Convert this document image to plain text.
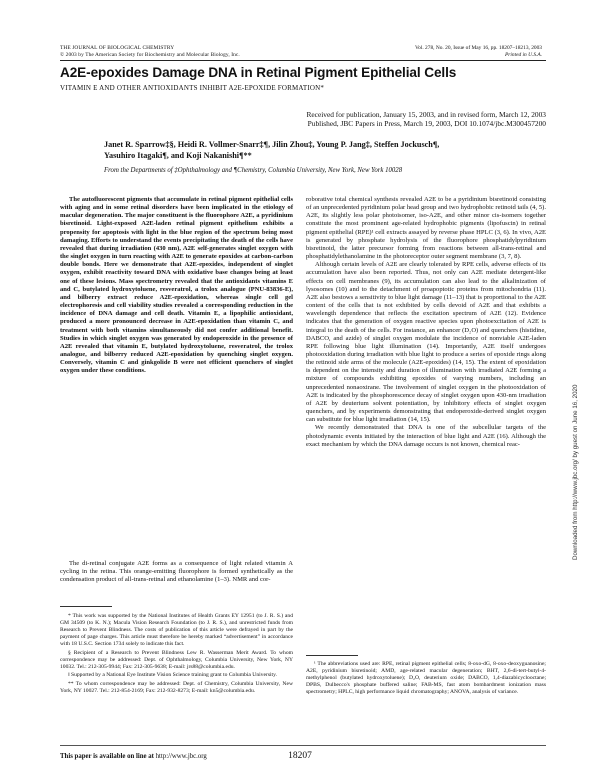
THE JOURNAL OF BIOLOGICAL CHEMISTRY
© 2003 by The American Society for Biochemistry and Molecular Biology, Inc.
Vol. 278, No. 20, Issue of May 16, pp. 18207–18213, 2003
Printed in U.S.A.
A2E-epoxides Damage DNA in Retinal Pigment Epithelial Cells
VITAMIN E AND OTHER ANTIOXIDANTS INHIBIT A2E-EPOXIDE FORMATION*
Received for publication, January 15, 2003, and in revised form, March 12, 2003
Published, JBC Papers in Press, March 19, 2003, DOI 10.1074/jbc.M300457200
Janet R. Sparrow‡§, Heidi R. Vollmer-Snarr‡¶, Jilin Zhou‡, Young P. Jang‡, Steffen Jockusch¶,
Yasuhiro Itagaki¶, and Koji Nakanishi¶**
From the Departments of ‡Ophthalmology and ¶Chemistry, Columbia University, New York, New York 10028

The autofluorescent pigments that accumulate in retinal pigment epithelial cells with aging and in some retinal disorders have been implicated in the etiology of macular degeneration. The major constituent is the fluorophore A2E, a pyridinium bisretinoid. Light-exposed A2E-laden retinal pigment epithelium exhibits a propensity for apoptosis with light in the blue region of the spectrum being most damaging. Efforts to understand the events precipitating the death of the cells have revealed that during irradiation (430 nm), A2E self-generates singlet oxygen with the singlet oxygen in turn reacting with A2E to generate epoxides at carbon-carbon double bonds. Here we demonstrate that A2E-epoxides, independent of singlet oxygen, exhibit reactivity toward DNA with oxidative base changes being at least one of these lesions. Mass spectrometry revealed that the antioxidants vitamins E and C, butylated hydroxytoluene, resveratrol, a trolox analogue (PNU-83836-E), and bilberry extract reduce A2E-epoxidation, whereas single cell gel electrophoresis and cell viability studies revealed a corresponding reduction in the incidence of DNA damage and cell death. Vitamin E, a lipophilic antioxidant, produced a more pronounced decrease in A2E-epoxidation than vitamin C, and treatment with both vitamins simultaneously did not confer additional benefit. Studies in which singlet oxygen was generated by endoperoxide in the presence of A2E revealed that vitamin E, butylated hydroxytoluene, resveratrol, the trolox analogue, and bilberry reduced A2E-epoxidation by quenching singlet oxygen. Conversely, vitamin C and ginkgolide B were not efficient quenchers of singlet oxygen under these conditions.

The di-retinal conjugate A2E forms as a consequence of light related vitamin A cycling in the retina. This orange-emitting fluorophore is formed synthetically as the condensation product of all-trans-retinal and ethanolamine (1–3). NMR and cor-

* This work was supported by the National Institutes of Health Grants EY 12951 (to J. R. S.) and GM 34509 (to K. N.); Macula Vision Research Foundation (to J. R. S.), and unrestricted funds from Research to Prevent Blindness. The costs of publication of this article were defrayed in part by the payment of page charges. This article must therefore be hereby marked “advertisement” in accordance with 18 U.S.C. Section 1734 solely to indicate this fact.

§ Recipient of a Research to Prevent Blindness Lew R. Wasserman Merit Award. To whom correspondence may be addressed: Dept. of Ophthalmology, Columbia University, New York, NY 10032. Tel.: 212-305-9944; Fax: 212-305-9638; E-mail: jrs88@columbia.edu.

‖ Supported by a National Eye Institute Vision Science training grant to Columbia University.

** To whom correspondence may be addressed: Dept. of Chemistry, Columbia University, New York, NY 10027. Tel.: 212-854-2169; Fax: 212-932-8273; E-mail: kn5@columbia.edu.

roborative total chemical synthesis revealed A2E to be a pyridinium bisretinoid consisting of an unprecedented pyridinium polar head group and two hydrophobic retinoid tails (4, 5). A2E, its slightly less polar photoisomer, iso-A2E, and other minor cis-isomers together constitute the most prominent age-related hydrophobic pigments (lipofuscin) in retinal pigment epithelial (RPE)¹ cell extracts assayed by reverse phase HPLC (3, 6). In vivo, A2E is generated by phosphate hydrolysis of the fluorophore phosphatidylpyridinium bisretinoid, the latter precursor forming from reactions between all-trans-retinal and phosphatidylethanolamine in the photoreceptor outer segment membrane (3, 7, 8).

Although certain levels of A2E are clearly tolerated by RPE cells, adverse effects of its accumulation have also been reported. Thus, not only can A2E mediate detergent-like effects on cell membranes (9), its accumulation can also lead to the alkalinization of lysosomes (10) and to the detachment of proapoptotic proteins from mitochondria (11). A2E also bestows a sensitivity to blue light damage (11–13) that is proportional to the A2E content of the cells that is not exhibited by cells devoid of A2E and that exhibits a wavelength dependence that reflects the excitation spectrum of A2E (12). Evidence indicates that the generation of oxygen reactive species upon photoexcitation of A2E is integral to the death of the cells. For instance, an enhancer (D₂O) and quenchers (histidine, DABCO, and azide) of singlet oxygen modulate the incidence of nonviable A2E-laden RPE following blue light illumination (14). Importantly, A2E itself undergoes photooxidation during irradiation with blue light to produce a series of epoxide rings along the retinoid side arms of the molecule (A2E-epoxides) (14, 15). The extent of epoxidation is dependent on the intensity and duration of illumination with irradiated A2E forming a mixture of compounds exhibiting epoxides of varying numbers, including an unprecedented nonaoxirane. The involvement of singlet oxygen in the photooxidation of A2E is indicated by the phosphorescence decay of singlet oxygen upon 430-nm irradiation of A2E by deuterium solvent potentiation, by inhibitory effects of singlet oxygen quenchers, and by experiments demonstrating that endoperoxide-derived singlet oxygen can substitute for blue light irradiation (14, 15).

We recently demonstrated that DNA is one of the subcellular targets of the photodynamic events initiated by the interaction of blue light and A2E (16). Although the exact mechanism by which the DNA damage occurs is not known, chemical reac-

¹ The abbreviations used are: RPE, retinal pigment epithelial cells; 8-oxo-dG, 8-oxo-deoxyguanosine; A2E, pyridinium bisretinoid; AMD, age-related macular degeneration; BHT, 2,6-di-tert-butyl-4-methylphenol (butylated hydroxytoluene); D₂O, deuterium oxide; DABCO, 1,4-diazabicyclooctane; DPBS, Dulbecco's phosphate buffered saline; FAB-MS, fast atom bombardment ionization mass spectrometry; HPLC, high performance liquid chromatography; ANOVA, analysis of variance.

This paper is available on line at http://www.jbc.org	18207
Downloaded from http://www.jbc.org/ by guest on June 16, 2020
